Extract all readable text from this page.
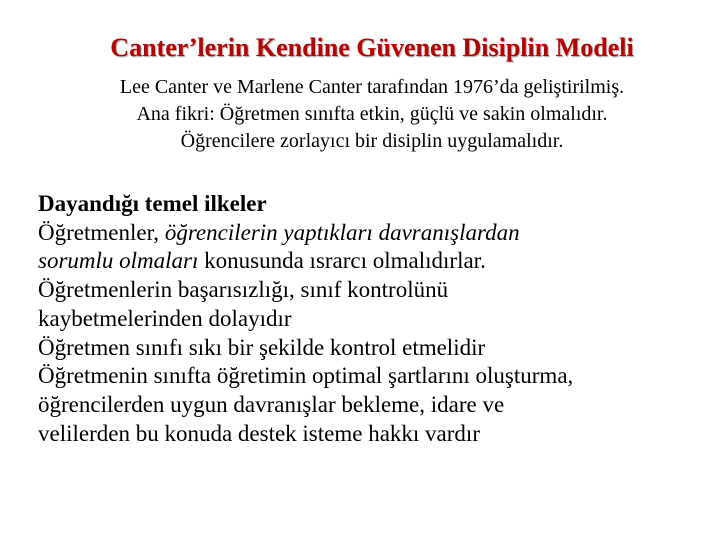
Canter’lerin Kendine Güvenen Disiplin Modeli
Lee Canter ve Marlene Canter tarafından 1976’da geliştirilmiş.
Ana fikri: Öğretmen sınıfta etkin, güçlü ve sakin olmalıdır.
Öğrencilere zorlayıcı bir disiplin uygulamalıdır.
Dayandığı temel ilkeler
Öğretmenler, öğrencilerin yaptıkları davranışlardan
sorumlu olmaları konusunda ısrarcı olmalıdırlar.
Öğretmenlerin başarısızlığı, sınıf kontrolünü
kaybetmelerinden dolayıdır
Öğretmen sınıfı sıkı bir şekilde kontrol etmelidir
Öğretmenin sınıfta öğretimin optimal şartlarını oluşturma,
öğrencilerden uygun davranışlar bekleme, idare ve
velilerden bu konuda destek isteme hakkı vardır
